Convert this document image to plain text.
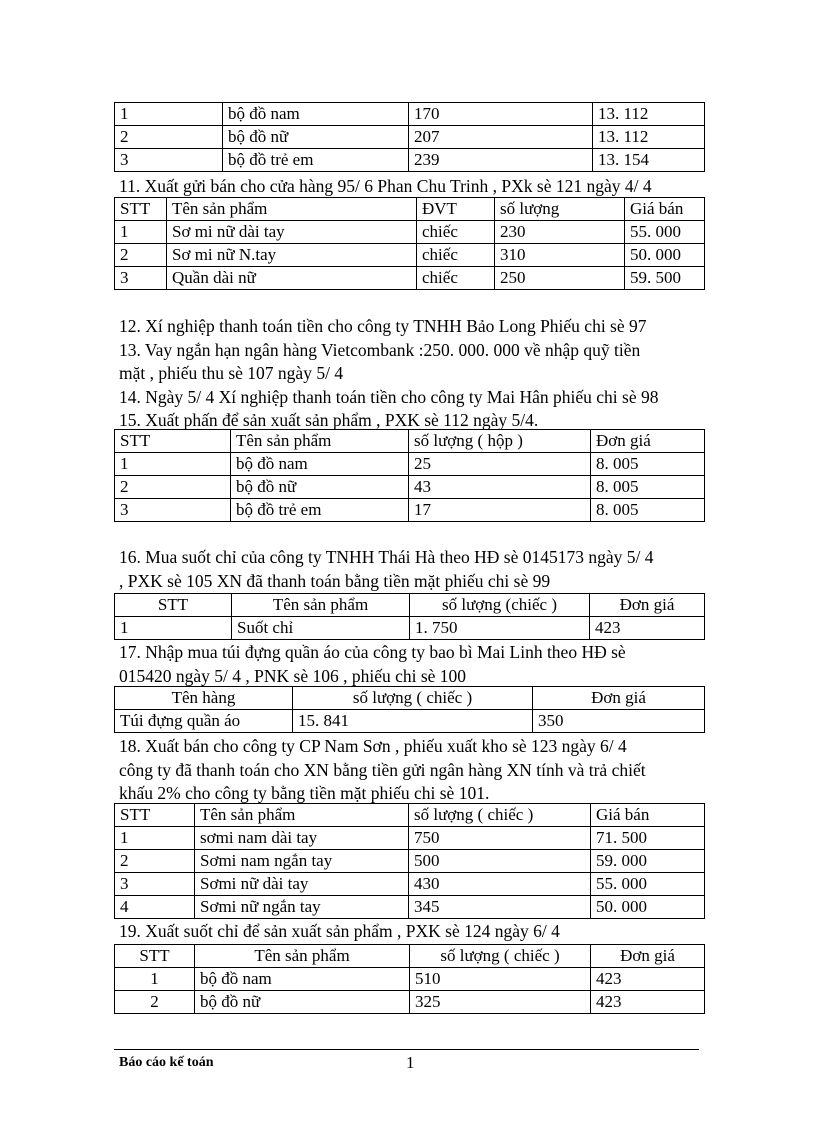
1	bộ đồ nam	170	13. 112
2	bộ đồ nữ	207	13. 112
3	bộ đồ trẻ em	239	13. 154
11. Xuất gửi bán cho cửa hàng 95/ 6 Phan Chu Trinh , PXk sè 121 ngày 4/ 4
STT	Tên sản phẩm	ĐVT	số lượng	Giá bán
1	Sơ mi nữ dài tay	chiếc	230	55. 000
2	Sơ mi nữ N.tay	chiếc	310	50. 000
3	Quần dài nữ	chiếc	250	59. 500
12. Xí nghiệp thanh toán tiền cho công ty TNHH Bảo Long Phiếu chi sè 97
13. Vay ngắn hạn ngân hàng Vietcombank :250. 000. 000 về nhập quỹ tiền
mặt , phiếu thu sè 107 ngày 5/ 4
14. Ngày 5/ 4 Xí nghiệp thanh toán tiền cho công ty Mai Hân phiếu chi sè 98
15. Xuất phấn để sản xuất sản phẩm , PXK sè 112 ngày 5/4.
STT	Tên sản phẩm	số lượng ( hộp )	Đơn giá
1	bộ đồ nam	25	8. 005
2	bộ đồ nữ	43	8. 005
3	bộ đồ trẻ em	17	8. 005
16. Mua suốt chỉ của công ty TNHH Thái Hà theo HĐ sè 0145173 ngày 5/ 4
, PXK sè 105 XN đã thanh toán bằng tiền mặt phiếu chi sè 99
STT	Tên sản phẩm	số lượng (chiếc )	Đơn giá
1	Suốt chỉ	1. 750	423
17. Nhập mua túi đựng quần áo của công ty bao bì Mai Linh theo HĐ sè
015420 ngày 5/ 4 , PNK sè 106 , phiếu chi sè 100
Tên hàng	số lượng ( chiếc )	Đơn giá
Túi đựng quần áo	15. 841	350
18. Xuất bán cho công ty CP Nam Sơn , phiếu xuất kho sè 123 ngày 6/ 4
công ty đã thanh toán cho XN bằng tiền gửi ngân hàng XN tính và trả chiết
khấu 2% cho công ty bằng tiền mặt phiếu chi sè 101.
STT	Tên sản phẩm	số lượng ( chiếc )	Giá bán
1	sơmi nam dài tay	750	71. 500
2	Sơmi nam ngắn tay	500	59. 000
3	Sơmi nữ dài tay	430	55. 000
4	Sơmi nữ ngắn tay	345	50. 000
19. Xuất suốt chỉ để sản xuất sản phẩm , PXK sè 124 ngày 6/ 4
STT	Tên sản phẩm	số lượng ( chiếc )	Đơn giá
1	bộ đồ nam	510	423
2	bộ đồ nữ	325	423
Báo cáo kế toán	1
